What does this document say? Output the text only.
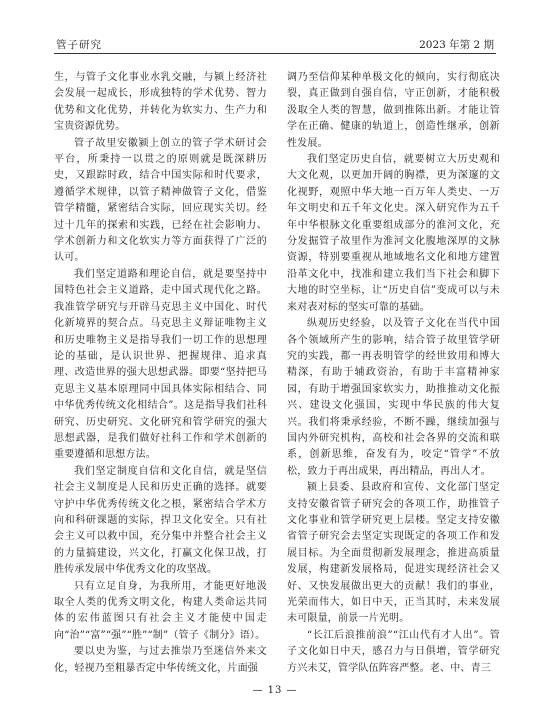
管子研究	2023 年第 2 期

生，与管子文化事业水乳交融，与颍上经济社会发展一起成长，形成独特的学术优势、智力优势和文化优势，并转化为软实力、生产力和宝贵资源优势。

管子故里安徽颍上创立的管子学术研讨会平台，所秉持一以贯之的原则就是既深耕历史，又跟踪时政，结合中国实际和时代要求，遵循学术规律，以管子精神做管子文化，借鉴管学精髓，紧密结合实际，回应现实关切。经过十几年的探索和实践，已经在社会影响力、学术创新力和文化软实力等方面获得了广泛的认可。

我们坚定道路和理论自信，就是要坚持中国特色社会主义道路，走中国式现代化之路。我准管学研究与开辟马克思主义中国化、时代化新境界的契合点。马克思主义辩证唯物主义和历史唯物主义是指导我们一切工作的思想理论的基础，是认识世界、把握规律、追求真理、改造世界的强大思想武器。即要“坚持把马克思主义基本原理同中国具体实际相结合、同中华优秀传统文化相结合”。这是指导我们社科研究、历史研究、文化研究和管学研究的强大思想武器，是我们做好社科工作和学术创新的重要遵循和思想方法。

我们坚定制度自信和文化自信，就是坚信社会主义制度是人民和历史正确的选择。就要守护中华优秀传统文化之根，紧密结合学术方向和科研课题的实际，捍卫文化安全。只有社会主义可以救中国，充分集中并整合社会主义的力量搞建设，兴文化，打赢文化保卫战，打胜传承发展中华优秀文化的攻坚战。

只有立足自身，为我所用，才能更好地汲取全人类的优秀文明文化，构建人类命运共同体的宏伟蓝图只有社会主义才能使中国走向“治”“富”“强”“胜”“制”（管子《制分》语）。

要以史为鉴，与过去推崇乃至迷信外来文化，轻视乃至粗暴否定中华传统文化，片面强

调乃至信仰某种单极文化的倾向，实行彻底决裂，真正做到自强自信，守正创新，才能积极汲取全人类的智慧，做到推陈出新。才能让管学在正确、健康的轨道上，创造性继承，创新性发展。

我们坚定历史自信，就要树立大历史观和大文化观，以更加开阔的胸襟，更为深邃的文化视野，观照中华大地一百万年人类史、一万年文明史和五千年文化史。深入研究作为五千年中华根脉文化重要组成部分的淮河文化，充分发掘管子故里作为淮河文化腹地深厚的文脉资源，特别要重视从地域地名文化和地方建置沿革文化中，找准和建立我们当下社会和脚下大地的时空坐标，让“历史自信”变成可以与未来对表对标的坚实可靠的基础。

纵观历史经验，以及管子文化在当代中国各个领域所产生的影响，结合管子故里管学研究的实践，都一再表明管学的经世致用和博大精深，有助于辅政资治，有助于丰富精神家园，有助于增强国家软实力，助推推动文化振兴、建设文化强国，实现中华民族的伟大复兴。我们将秉承经验，不断不躁，继续加强与国内外研究机构，高校和社会各界的交流和联系，创新思维，奋发有为，咬定“管学”不放松，致力于再出成果，再出精品，再出人才。

颍上县委、县政府和宣传、文化部门坚定支持安徽省管子研究会的各项工作，助推管子文化事业和管学研究更上层楼。坚定支持安徽省管子研究会去坚定实现既定的各项工作和发展目标。为全面贯彻新发展理念，推进高质量发展，构建新发展格局，促进实现经济社会又好、又快发展做出更大的贡献！我们的事业，光荣而伟大，如日中天，正当其时，未来发展未可限量，前景一片光明。

“长江后浪推前浪”“江山代有才人出”。管子文化如日中天，感召力与日俱增，管学研究方兴未艾，管学队伍阵容严整。老、中、青三

— 13 —
